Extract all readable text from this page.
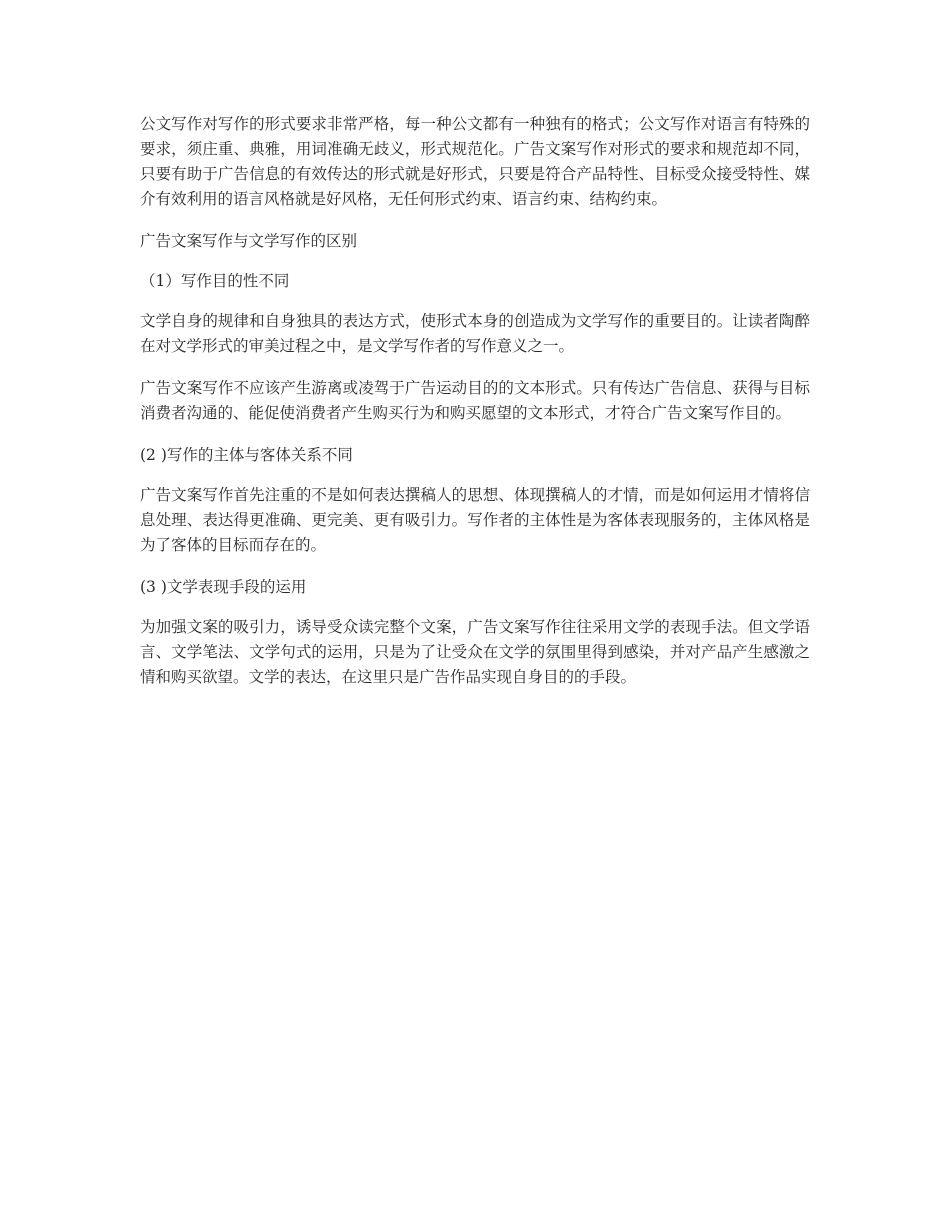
公文写作对写作的形式要求非常严格，每一种公文都有一种独有的格式；公文写作对语言有特殊的要求，须庄重、典雅，用词准确无歧义，形式规范化。广告文案写作对形式的要求和规范却不同，只要有助于广告信息的有效传达的形式就是好形式，只要是符合产品特性、目标受众接受特性、媒介有效利用的语言风格就是好风格，无任何形式约束、语言约束、结构约束。

广告文案写作与文学写作的区别

（1）写作目的性不同

文学自身的规律和自身独具的表达方式，使形式本身的创造成为文学写作的重要目的。让读者陶醉在对文学形式的审美过程之中，是文学写作者的写作意义之一。

广告文案写作不应该产生游离或凌驾于广告运动目的的文本形式。只有传达广告信息、获得与目标消费者沟通的、能促使消费者产生购买行为和购买愿望的文本形式，才符合广告文案写作目的。

(2 )写作的主体与客体关系不同

广告文案写作首先注重的不是如何表达撰稿人的思想、体现撰稿人的才情，而是如何运用才情将信息处理、表达得更准确、更完美、更有吸引力。写作者的主体性是为客体表现服务的，主体风格是为了客体的目标而存在的。

(3 )文学表现手段的运用

为加强文案的吸引力，诱导受众读完整个文案，广告文案写作往往采用文学的表现手法。但文学语言、文学笔法、文学句式的运用，只是为了让受众在文学的氛围里得到感染，并对产品产生感激之情和购买欲望。文学的表达，在这里只是广告作品实现自身目的的手段。
